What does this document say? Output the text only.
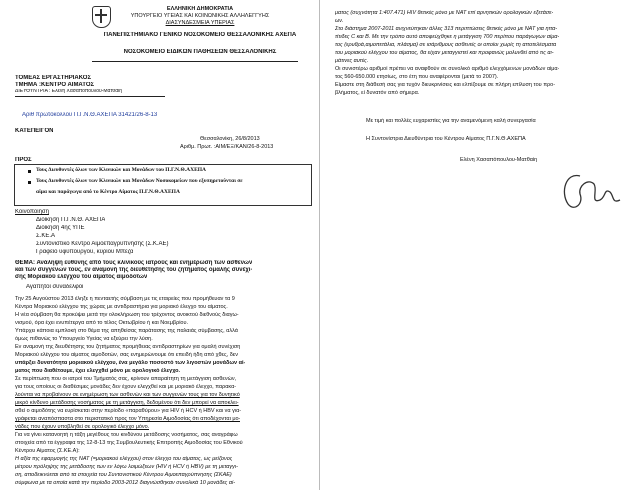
ΕΛΛΗΝΙΚΗ ΔΗΜΟΚΡΑΤΙΑ
ΥΠΟΥΡΓΕΙΟ ΥΓΕΙΑΣ ΚΑΙ ΚΟΙΝΩΝΙΚΗΣ ΑΛΛΗΛΕΓΓΥΗΣ
ΔΙΑΣΥΝΔΕΣΜΕΙΑ ΥΠΕΡΙΑΣ
ΠΑΝΕΠΙΣΤΗΜΙΑΚΟ ΓΕΝΙΚΟ ΝΟΣΟΚΟΜΕΙΟ ΘΕΣΣΑΛΟΝΙΚΗΣ ΑΧΕΠΑ
ΝΟΣΟΚΟΜΕΙΟ ΕΙΔΙΚΩΝ ΠΑΘΗΣΕΩΝ ΘΕΣΣΑΛΟΝΙΚΗΣ
ΤΟΜΕΑΣ ΕΡΓΑΣΤΗΡΙΑΚΟΣ
ΤΜΗΜΑ :ΚΕΝΤΡΟ ΑΙΜΑΤΟΣ
ΔΙΕΥΘΥΝΤΡΙΑ : Ελένη Χασαπόπουλου-Ματθαίη
Αριθ πρωτοκόλλου Π.Γ.Ν.Θ.ΑΧΕΠΑ 31421/26-8-13
ΚΑΤΕΠΕΙΓΟΝ
Θεσσαλονίκη, 26/8/2013
Αριθμ. Πρωτ. :ΑΙΜ/ΕΞ/ΚΑΝ/26-8-2013
ΠΡΟΣ
Τους Διευθυντές όλων των Κλινικών και Μονάδων του Π.Γ.Ν.Θ.ΑΧΕΠΑ
Τους Διευθυντές όλων των Κλινικών και Μονάδων Νοσοκομείων που εξυπηρετούνται σε
αίμα και παράγωγα από το Κέντρο Αίματος Π.Γ.Ν.Θ.ΑΧΕΠΑ
Κοινοποίηση
Διοίκηση Π.Γ.Ν.Θ. ΑΧΕΠΑ
Διοίκηση 4ης ΥΠΕ
Σ.ΚΕ.Α
Συντονιστικό Κέντρο Αιμοεπαγρύπνησης (Σ.Κ.ΑΕ)
Γραφείο υφυπουργού, κυρίου Μπέζα
ΘΕΜΑ: Ανάληψη ευθύνης από τους κλινικούς ιατρούς και ενημέρωση των ασθενών
και των συγγενών τους, εν αναμονή της διευθέτησης του ζητήματος ομαλής συνέχι-
σης Μοριακού ελέγχου του αίματος αιμοδοτών
Αγαπητοί συνάδελφοι
Την 25 Αυγούστου 2013 έληξε η πενταετής σύμβαση με τις εταιρείες που προμήθευαν τα 9
Κέντρα Μοριακού ελέγχου της χώρας με αντιδραστήρια για μοριακό έλεγχο του αίματος.
Η νέα σύμβαση θα προκύψει μετά την ολοκλήρωση του τρέχοντος ανοικτού διεθνούς διαγω-
νισμού, όρα έχει ενυπέτεργα από το τέλος Οκτωβρίου ή και Νοεμβρίου.
Υπάρχει κάποια εμπλοκή στο θέμα της απηθείσας παράτασης της παλαιάς σύμβασης, αλλά
όμως πιθανώς το Υπουργείο Υγείας να εξεύρει την λύση.
Εν αναμονή της διευθέτησης του ζητήματος προμήθειας αντιδραστηρίων για ομαλή συνέχιση
Μοριακού ελέγχου του αίματος αιμοδοτών, σας ενημερώνουμε ότι επειδή ήδη από χθες, δεν
υπάρξει δυνατότητα μοριακού ελέγχου, ένα μεγάλο ποσοστό των λιγοστών μονάδων αί-
ματος που διαθέτουμε, έχει ελεγχθεί μόνο με ορολογικό έλεγχο.
Σε περίπτωση που οι ιατροί του Τμήματός σας, κρίνουν απαραίτητη τη μετάγγιση ασθενών,
για τους οποίους οι διαθέσιμες μονάδες δεν έχουν ελεγχθεί και με μοριακό έλεγχο, παρακα-
λούνται να προβαίνουν σε ενημέρωση των ασθενών και των συγγενών τους για τον δυνητικό
μικρό κίνδυνο μετάδοσης νοσήματος με τη μετάγγιση, δεδομένου ότι δεν μπορεί να αποκλει-
σθεί ο αιμοδότης να ευρίσκεται στην περίοδο «παραθύρου» για HIV ή HCV ή HBV και να για-
γράφεται αναπόσπαστα στο περιστατικό προς τον Υπηρεσία Αιμοδοσίας ότι αποδέχονται μο-
νάδες που έχουν υποβληθεί σε ορολογικό έλεγχο μόνο.
Για να γίνει κατανοητή η τάξη μεγέθους του κινδύνου μετάδοσης νοσήματος, σας αναγράφω
στοιχεία από τα έγγραφα της 12-8-13 της Συμβουλευτικής Επιτροπής Αιμοδοσίας του Εθνικού
Κέντρου Αίματος (Σ.ΚΕ.Α):
Η αξία της εφαρμογής της ΝΑΤ (=μοριακού ελέγχου) στον έλεγχο του αίματος, ως μείζονος
μέτρου πρόληψης της μετάδοσης των εν λόγω λοιμώξεων (HIV ή HCV ή HBV) με τη μεταγγι-
ση, αποδεικνύεται από τα στοιχεία του Συντονιστικού Κέντρου Αιμοεπαγρύπνησης (ΣΚΑΕ)
σύμφωνα με τα οποία κατά την περίοδο 2003-2012 διαγνώσθηκαν συνολικά 10 μονάδες αί-
ματος (συχνότητα 1:407.471) HIV θετικές μόνο με NAT επί αρνητικών ορολογικών εξετάσε-
ων.
Στο διάστημα 2007-2011 ανιχνεύτηκαν άλλες 313 περιπτώσεις θετικές μόνο με NAT για ηπα-
τίτιδες C και B. Με την τρόπο αυτό αποφεύχθηκε η μετάγγιση 700 περίπου παράγωγων αίμα-
τος (ερυθρά,αιμοπετάλια, πλάσμα) σε ισάριθμους ασθενείς οι οποίοι χωρίς τη αποτελέσματα
του μοριακού ελέγχου του αίματος, θα είχαν μεταγγιστεί και προφανώς μολυνθεί από τις αι-
μάτινες αυτές.
Οι συνιστέρω αριθμοί πρέπει να αναφθούν σε συνολικό αριθμό ελεγχόμενων μονάδων αίμα-
τος 560-650.000 ετησίως, στο έτη που αναφέρονται (μετά το 2007).
Είμαστε στη διάθεσή σας για τυχόν διευκρινίσεις και ελπίζουμε σε πλήρη επίλυση του προ-
βλήματος, εί δυνατόν από σήμερα.
Με τιμή και πολλές ευχαριστίες για την αναμενόμενη καλή συνεργασία
Η Συντονίστρια Διευθύντρια του Κέντρου Αίματος Π.Γ.Ν.Θ.ΑΧΕΠΑ
Ελένη Χασαπόπουλου-Ματθαίη
